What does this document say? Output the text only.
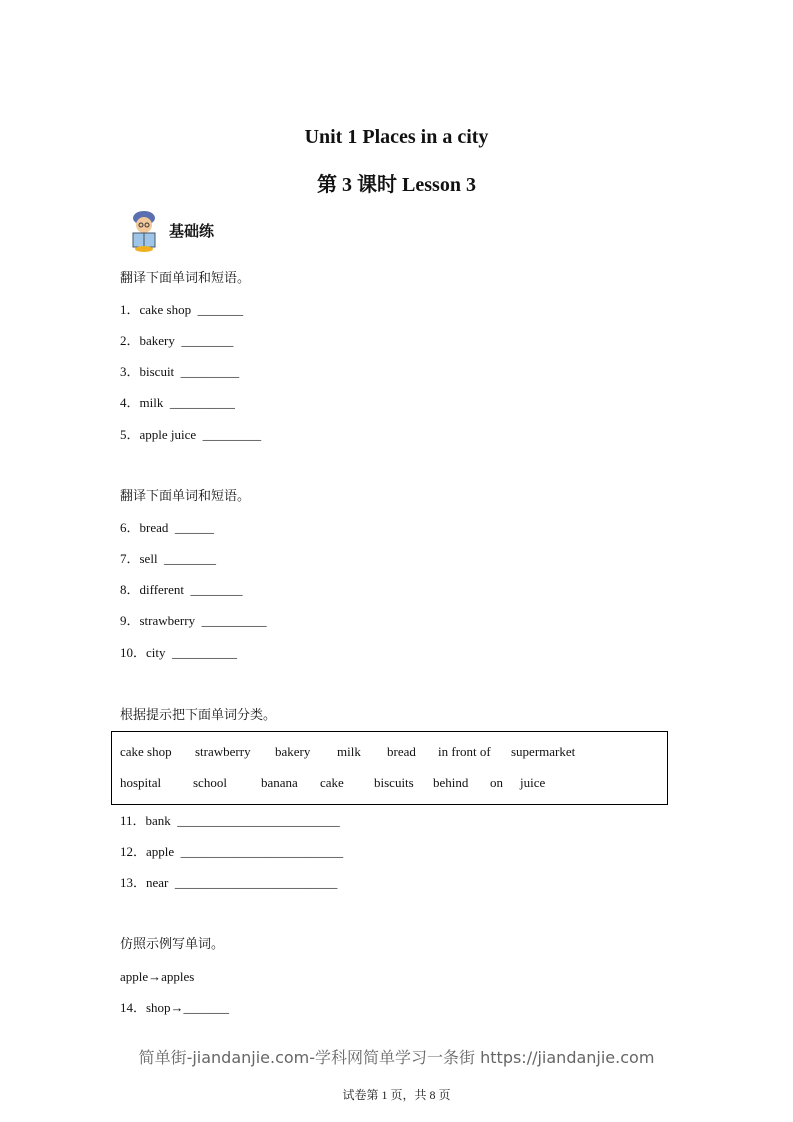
Unit 1 Places in a city
第 3 课时 Lesson 3
基础练
翻译下面单词和短语。
1．cake shop  _______
2．bakery  ________
3．biscuit  _________
4．milk  __________
5．apple juice  _________
翻译下面单词和短语。
6．bread  ______
7．sell  ________
8．different  ________
9．strawberry  __________
10．city  __________
根据提示把下面单词分类。
cake shop strawberry bakery milk bread in front of supermarket
hospital school	banana cake biscuits behind on juice
11．bank  _________________________
12．apple  _________________________
13．near  _________________________
仿照示例写单词。
apple→apples
14．shop→_______
简单街-jiandanjie.com-学科网简单学习一条街 https://jiandanjie.com
试卷第 1 页，共 8 页
